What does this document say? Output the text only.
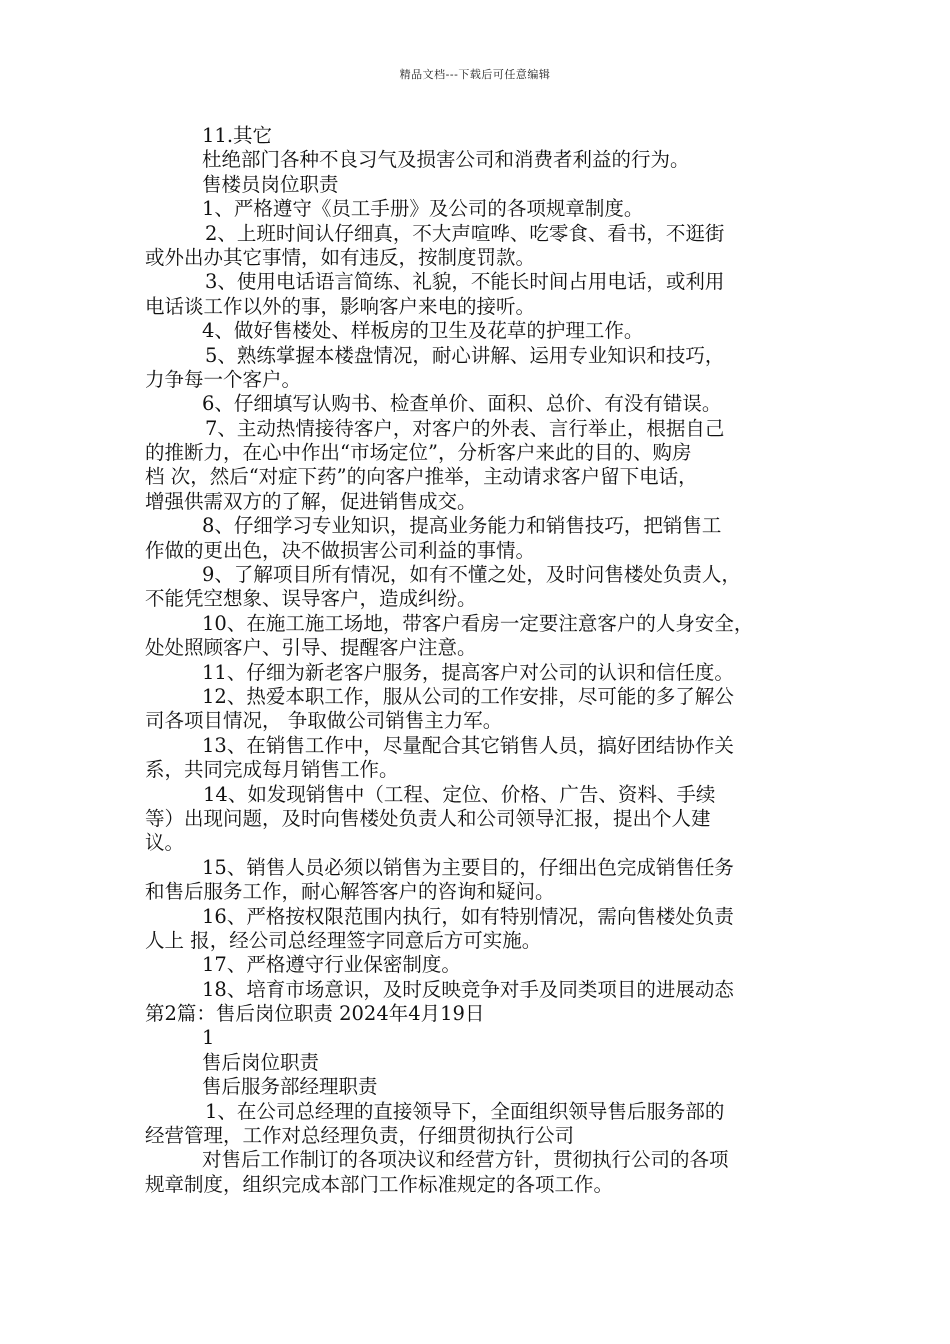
精品文档---下载后可任意编辑
11.其它
杜绝部门各种不良习气及损害公司和消费者利益的行为。
售楼员岗位职责
1、严格遵守《员工手册》及公司的各项规章制度。
2、上班时间认仔细真，不大声喧哗、吃零食、看书，不逛街
或外出办其它事情，如有违反，按制度罚款。
3、使用电话语言简练、礼貌，不能长时间占用电话，或利用
电话谈工作以外的事，影响客户来电的接听。
4、做好售楼处、样板房的卫生及花草的护理工作。
5、熟练掌握本楼盘情况，耐心讲解、运用专业知识和技巧，
力争每一个客户。
6、仔细填写认购书、检查单价、面积、总价、有没有错误。
7、主动热情接待客户，对客户的外表、言行举止，根据自己
的推断力，在心中作出“市场定位”，分析客户来此的目的、购房
档 次，然后“对症下药”的向客户推举，主动请求客户留下电话，
增强供需双方的了解，促进销售成交。
8、仔细学习专业知识，提高业务能力和销售技巧，把销售工
作做的更出色，决不做损害公司利益的事情。
9、了解项目所有情况，如有不懂之处，及时问售楼处负责人，
不能凭空想象、误导客户，造成纠纷。
10、在施工施工场地，带客户看房一定要注意客户的人身安全，
处处照顾客户、引导、提醒客户注意。
11、仔细为新老客户服务，提高客户对公司的认识和信任度。
12、热爱本职工作，服从公司的工作安排，尽可能的多了解公
司各项目情况， 争取做公司销售主力军。
13、在销售工作中，尽量配合其它销售人员，搞好团结协作关
系，共同完成每月销售工作。
14、如发现销售中（工程、定位、价格、广告、资料、手续
等）出现问题，及时向售楼处负责人和公司领导汇报，提出个人建
议。
15、销售人员必须以销售为主要目的，仔细出色完成销售任务
和售后服务工作，耐心解答客户的咨询和疑问。
16、严格按权限范围内执行，如有特别情况，需向售楼处负责
人上 报，经公司总经理签字同意后方可实施。
17、严格遵守行业保密制度。
18、培育市场意识，及时反映竞争对手及同类项目的进展动态
第2篇：售后岗位职责 2024年4月19日
1
售后岗位职责
售后服务部经理职责
1、在公司总经理的直接领导下，全面组织领导售后服务部的
经营管理，工作对总经理负责，仔细贯彻执行公司
对售后工作制订的各项决议和经营方针，贯彻执行公司的各项
规章制度，组织完成本部门工作标准规定的各项工作。
